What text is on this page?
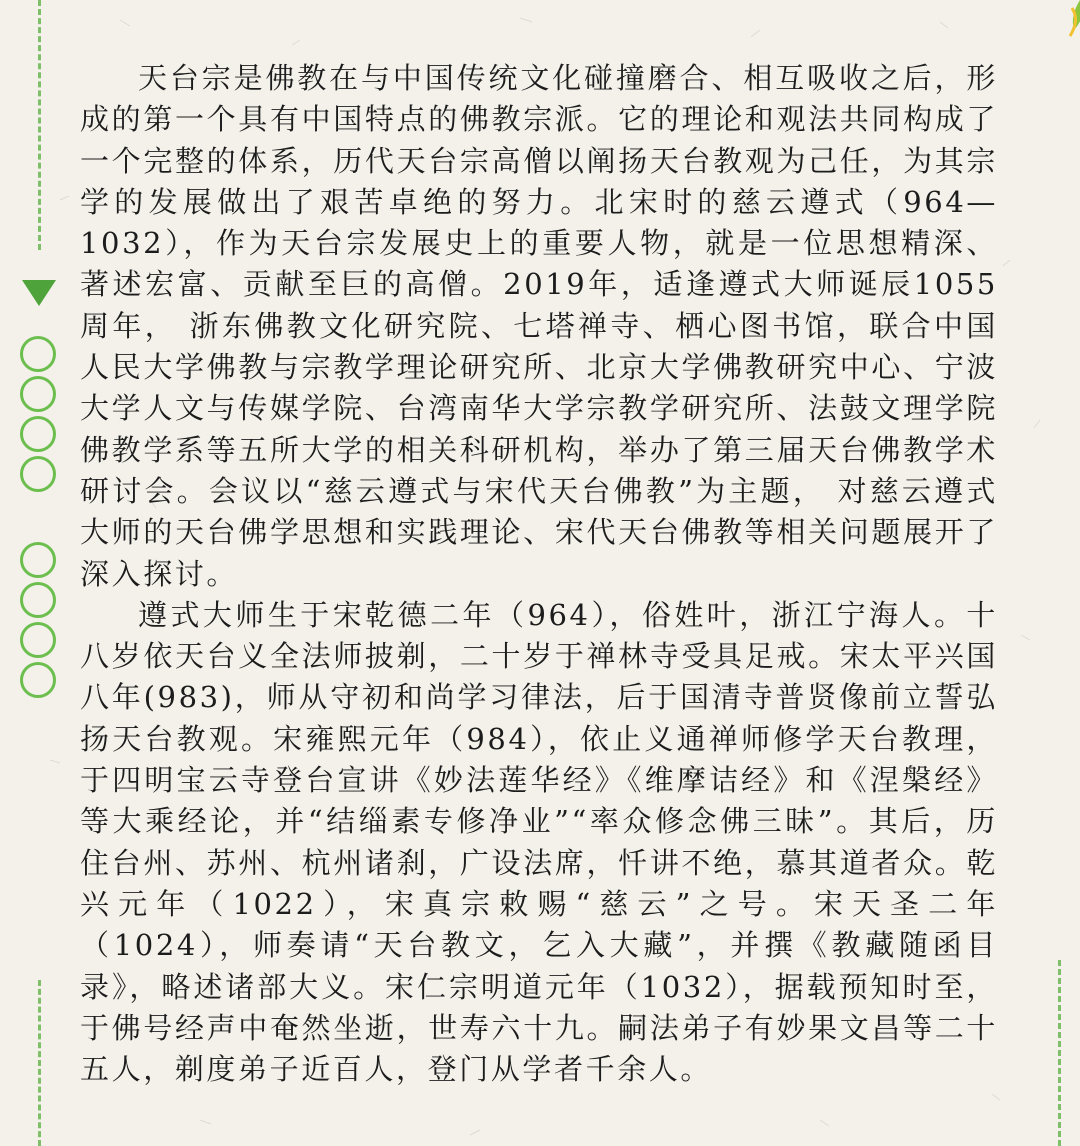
天台宗是佛教在与中国传统文化碰撞磨合、相互吸收之后，形成的第一个具有中国特点的佛教宗派。它的理论和观法共同构成了一个完整的体系，历代天台宗高僧以阐扬天台教观为己任，为其宗学的发展做出了艰苦卓绝的努力。北宋时的慈云遵式（964—1032），作为天台宗发展史上的重要人物，就是一位思想精深、著述宏富、贡献至巨的高僧。2019年，适逢遵式大师诞辰1055周年， 浙东佛教文化研究院、七塔禅寺、栖心图书馆，联合中国人民大学佛教与宗教学理论研究所、北京大学佛教研究中心、宁波大学人文与传媒学院、台湾南华大学宗教学研究所、法鼓文理学院佛教学系等五所大学的相关科研机构，举办了第三届天台佛教学术研讨会。会议以“慈云遵式与宋代天台佛教”为主题， 对慈云遵式大师的天台佛学思想和实践理论、宋代天台佛教等相关问题展开了深入探讨。

遵式大师生于宋乾德二年（964），俗姓叶，浙江宁海人。十八岁依天台义全法师披剃，二十岁于禅林寺受具足戒。宋太平兴国八年(983)，师从守初和尚学习律法，后于国清寺普贤像前立誓弘扬天台教观。宋雍熙元年（984），依止义通禅师修学天台教理，于四明宝云寺登台宣讲《妙法莲华经》《维摩诘经》和《涅槃经》等大乘经论，并“结缁素专修净业”“率众修念佛三昧”。其后，历住台州、苏州、杭州诸刹，广设法席，忏讲不绝，慕其道者众。乾兴元年（1022），宋真宗敕赐“慈云”之号。宋天圣二年（1024），师奏请“天台教文，乞入大藏”，并撰《教藏随函目录》，略述诸部大义。宋仁宗明道元年（1032），据载预知时至，于佛号经声中奄然坐逝，世寿六十九。嗣法弟子有妙果文昌等二十五人，剃度弟子近百人，登门从学者千余人。
